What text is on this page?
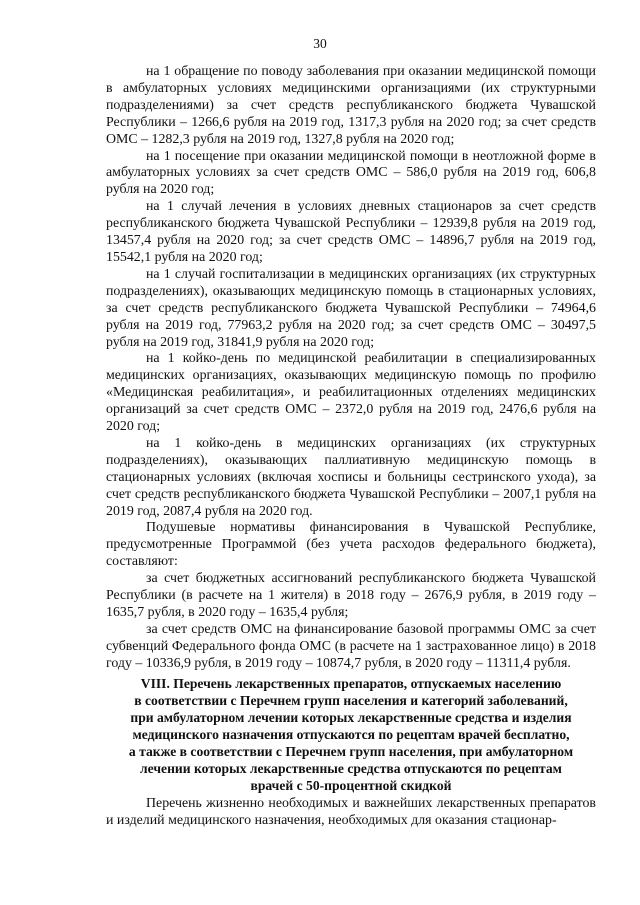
30

на 1 обращение по поводу заболевания при оказании медицинской помощи в амбулаторных условиях медицинскими организациями (их структурными подразделениями) за счет средств республиканского бюджета Чувашской Республики – 1266,6 рубля на 2019 год, 1317,3 рубля на 2020 год; за счет средств ОМС – 1282,3 рубля на 2019 год, 1327,8 рубля на 2020 год;

на 1 посещение при оказании медицинской помощи в неотложной форме в амбулаторных условиях за счет средств ОМС – 586,0 рубля на 2019 год, 606,8 рубля на 2020 год;

на 1 случай лечения в условиях дневных стационаров за счет средств республиканского бюджета Чувашской Республики – 12939,8 рубля на 2019 год, 13457,4 рубля на 2020 год; за счет средств ОМС – 14896,7 рубля на 2019 год, 15542,1 рубля на 2020 год;

на 1 случай госпитализации в медицинских организациях (их структурных подразделениях), оказывающих медицинскую помощь в стационарных условиях, за счет средств республиканского бюджета Чувашской Республики – 74964,6 рубля на 2019 год, 77963,2 рубля на 2020 год; за счет средств ОМС – 30497,5 рубля на 2019 год, 31841,9 рубля на 2020 год;

на 1 койко-день по медицинской реабилитации в специализированных медицинских организациях, оказывающих медицинскую помощь по профилю «Медицинская реабилитация», и реабилитационных отделениях медицинских организаций за счет средств ОМС – 2372,0 рубля на 2019 год, 2476,6 рубля на 2020 год;

на 1 койко-день в медицинских организациях (их структурных подразделениях), оказывающих паллиативную медицинскую помощь в стационарных условиях (включая хосписы и больницы сестринского ухода), за счет средств республиканского бюджета Чувашской Республики – 2007,1 рубля на 2019 год, 2087,4 рубля на 2020 год.

Подушевые нормативы финансирования в Чувашской Республике, предусмотренные Программой (без учета расходов федерального бюджета), составляют:

за счет бюджетных ассигнований республиканского бюджета Чувашской Республики (в расчете на 1 жителя) в 2018 году – 2676,9 рубля, в 2019 году – 1635,7 рубля, в 2020 году – 1635,4 рубля;

за счет средств ОМС на финансирование базовой программы ОМС за счет субвенций Федерального фонда ОМС (в расчете на 1 застрахованное лицо) в 2018 году – 10336,9 рубля, в 2019 году – 10874,7 рубля, в 2020 году – 11311,4 рубля.

VIII. Перечень лекарственных препаратов, отпускаемых населению
в соответствии с Перечнем групп населения и категорий заболеваний,
при амбулаторном лечении которых лекарственные средства и изделия
медицинского назначения отпускаются по рецептам врачей бесплатно,
а также в соответствии с Перечнем групп населения, при амбулаторном
лечении которых лекарственные средства отпускаются по рецептам
врачей с 50-процентной скидкой

Перечень жизненно необходимых и важнейших лекарственных препаратов и изделий медицинского назначения, необходимых для оказания стационар-
